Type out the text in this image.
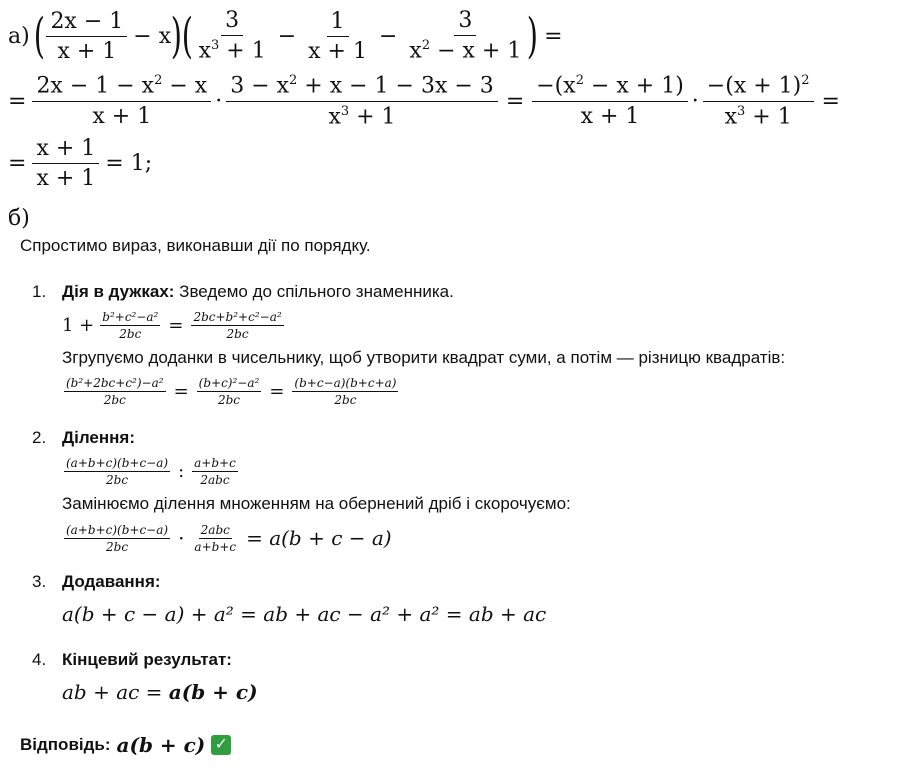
а) ( $\frac{2x - 1}{x + 1} - x$ ) ( $\frac{3}{x^3 + 1} - \frac{1}{x + 1} - \frac{3}{x^2 - x + 1}$ ) =
= $\frac{2x - 1 - x^2 - x}{x + 1} \cdot \frac{3 - x^2 + x - 1 - 3x - 3}{x^3 + 1} = \frac{-(x^2 - x + 1)}{x + 1} \cdot \frac{-(x + 1)^2}{x^3 + 1}$ =
= $\frac{x + 1}{x + 1} = 1$;
б)
Спростимо вираз, виконавши дії по порядку.
1. Дія в дужках: Зведемо до спільного знаменника.
$1 + \frac{\text{b²+c²−a²}}{2bc} = \frac{\text{2bc+b²+c²−a²}}{2bc}$
Згрупуємо доданки в чисельнику, щоб утворити квадрат суми, а потім — різницю квадратів:
$\frac{\text{(b²+2bc+c²)−a²}}{2bc} = \frac{\text{(b+c)²−a²}}{2bc} = \frac{(b+c-a)(b+c+a)}{2bc}$
2. Ділення:
$\frac{(a+b+c)(b+c-a)}{2bc}$ : $\frac{a+b+c}{\text{2abc}}$
Замінюємо ділення множенням на обернений дріб і скорочуємо:
$\frac{(a+b+c)(b+c-a)}{2bc} \cdot \frac{\text{2abc}}{a+b+c} = a(b + c - a)$
3. Додавання:
a(b + c − a) + a² = ab + ac − a² + a² = ab + ac
4. Кінцевий результат:
ab + ac = a(b + c)
Відповідь: a(b + c) ✓
